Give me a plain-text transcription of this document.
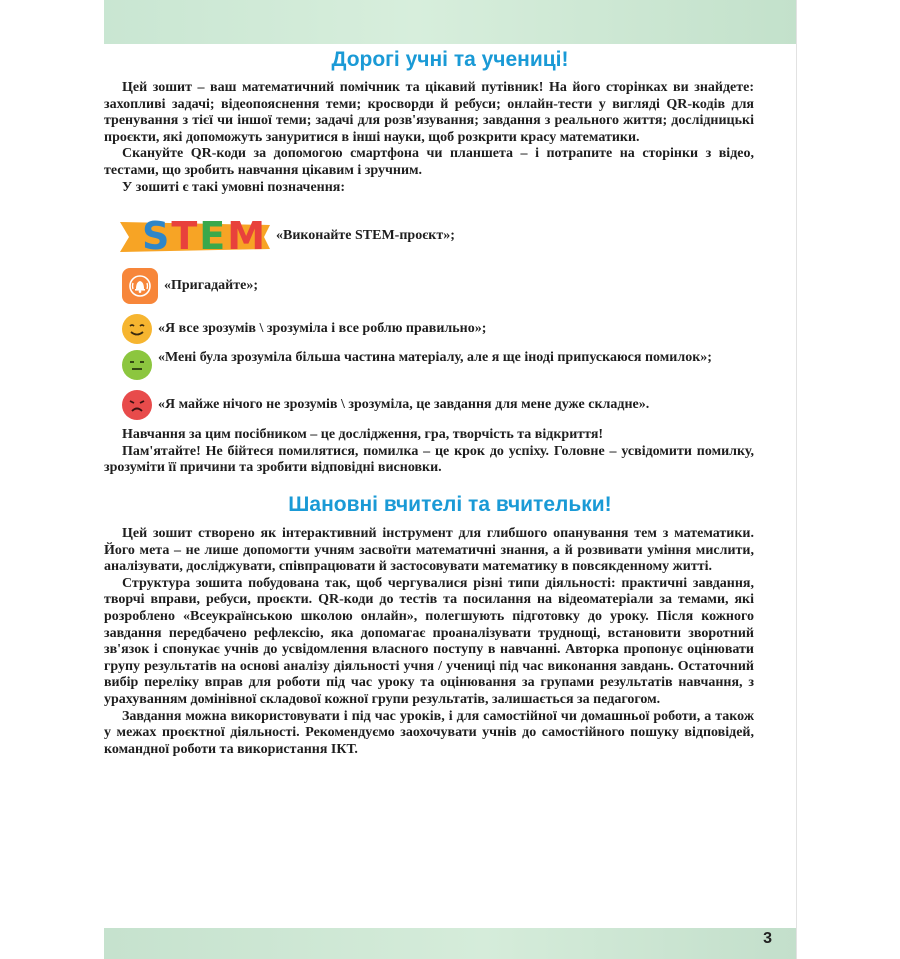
Дорогі учні та учениці!

Цей зошит – ваш математичний помічник та цікавий путівник! На його сторінках ви знайдете: захопливі задачі; відеопояснення теми; кросворди й ребуси; онлайн-тести у вигляді QR-кодів для тренування з тієї чи іншої теми; задачі для розв'язування; завдання з реального життя; дослідницькі проєкти, які допоможуть зануритися в інші науки, щоб розкрити красу математики.

Скануйте QR-коди за допомогою смартфона чи планшета – і потрапите на сторінки з відео, тестами, що зробить навчання цікавим і зручним.

У зошиті є такі умовні позначення:

STEM «Виконайте STEM-проєкт»;
«Пригадайте»;
«Я все зрозумів \ зрозуміла і все роблю правильно»;
«Мені була зрозуміла більша частина матеріалу, але я ще іноді припускаюся помилок»;
«Я майже нічого не зрозумів \ зрозуміла, це завдання для мене дуже складне».

Навчання за цим посібником – це дослідження, гра, творчість та відкриття!

Пам'ятайте! Не бійтеся помилятися, помилка – це крок до успіху. Головне – усвідомити помилку, зрозуміти її причини та зробити відповідні висновки.

Шановні вчителі та вчительки!

Цей зошит створено як інтерактивний інструмент для глибшого опанування тем з математики. Його мета – не лише допомогти учням засвоїти математичні знання, а й розвивати уміння мислити, аналізувати, досліджувати, співпрацювати й застосовувати математику в повсякденному житті.

Структура зошита побудована так, щоб чергувалися різні типи діяльності: практичні завдання, творчі вправи, ребуси, проєкти. QR-коди до тестів та посилання на відеоматеріали за темами, які розроблено «Всеукраїнською школою онлайн», полегшують підготовку до уроку. Після кожного завдання передбачено рефлексію, яка допомагає проаналізувати труднощі, встановити зворотний зв'язок і спонукає учнів до усвідомлення власного поступу в навчанні. Авторка пропонує оцінювати групу результатів на основі аналізу діяльності учня / учениці під час виконання завдань. Остаточний вибір переліку вправ для роботи під час уроку та оцінювання за групами результатів навчання, з урахуванням домінівної складової кожної групи результатів, залишається за педагогом.

Завдання можна використовувати і під час уроків, і для самостійної чи домашньої роботи, а також у межах проєктної діяльності. Рекомендуємо заохочувати учнів до самостійного пошуку відповідей, командної роботи та використання ІКТ.

3
